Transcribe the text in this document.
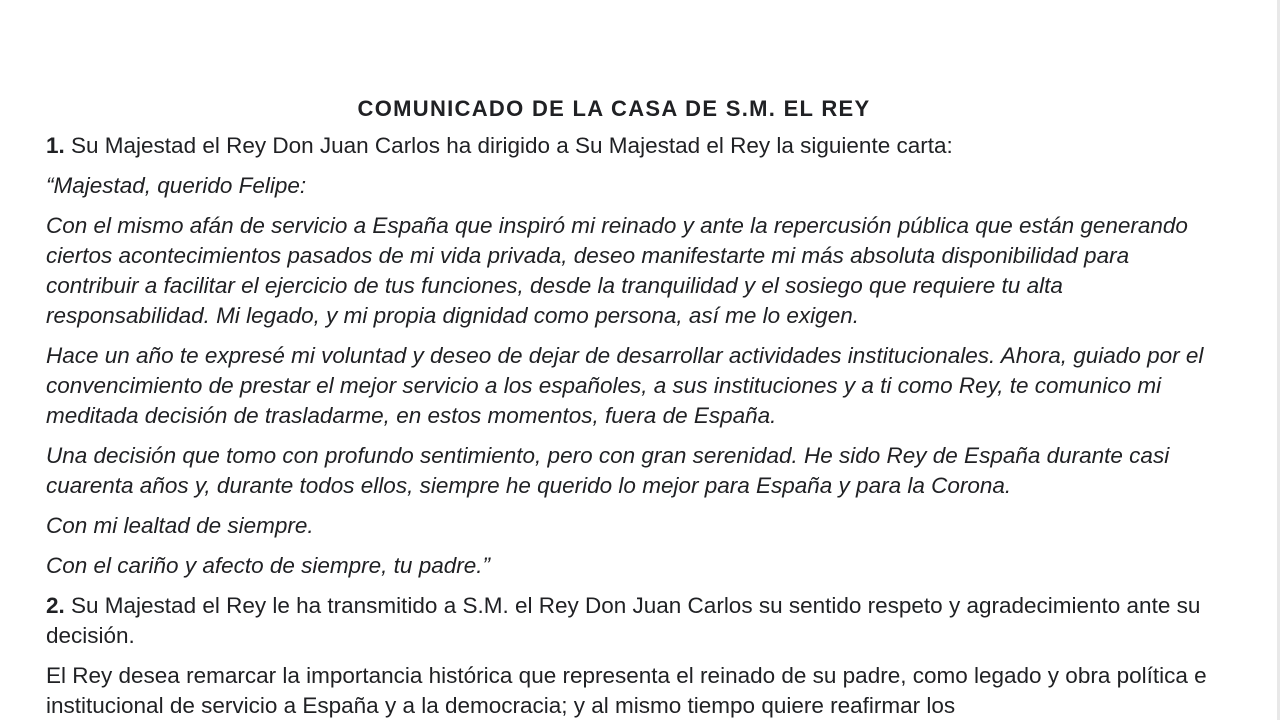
COMUNICADO DE LA CASA DE S.M. EL REY

1. Su Majestad el Rey Don Juan Carlos ha dirigido a Su Majestad el Rey la siguiente carta:

“Majestad, querido Felipe:

Con el mismo afán de servicio a España que inspiró mi reinado y ante la repercusión pública que están generando ciertos acontecimientos pasados de mi vida privada, deseo manifestarte mi más absoluta disponibilidad para contribuir a facilitar el ejercicio de tus funciones, desde la tranquilidad y el sosiego que requiere tu alta responsabilidad. Mi legado, y mi propia dignidad como persona, así me lo exigen.

Hace un año te expresé mi voluntad y deseo de dejar de desarrollar actividades institucionales. Ahora, guiado por el convencimiento de prestar el mejor servicio a los españoles, a sus instituciones y a ti como Rey, te comunico mi meditada decisión de trasladarme, en estos momentos, fuera de España.

Una decisión que tomo con profundo sentimiento, pero con gran serenidad. He sido Rey de España durante casi cuarenta años y, durante todos ellos, siempre he querido lo mejor para España y para la Corona.

Con mi lealtad de siempre.

Con el cariño y afecto de siempre, tu padre.”

2. Su Majestad el Rey le ha transmitido a S.M. el Rey Don Juan Carlos su sentido respeto y agradecimiento ante su decisión.

El Rey desea remarcar la importancia histórica que representa el reinado de su padre, como legado y obra política e institucional de servicio a España y a la democracia; y al mismo tiempo quiere reafirmar los
